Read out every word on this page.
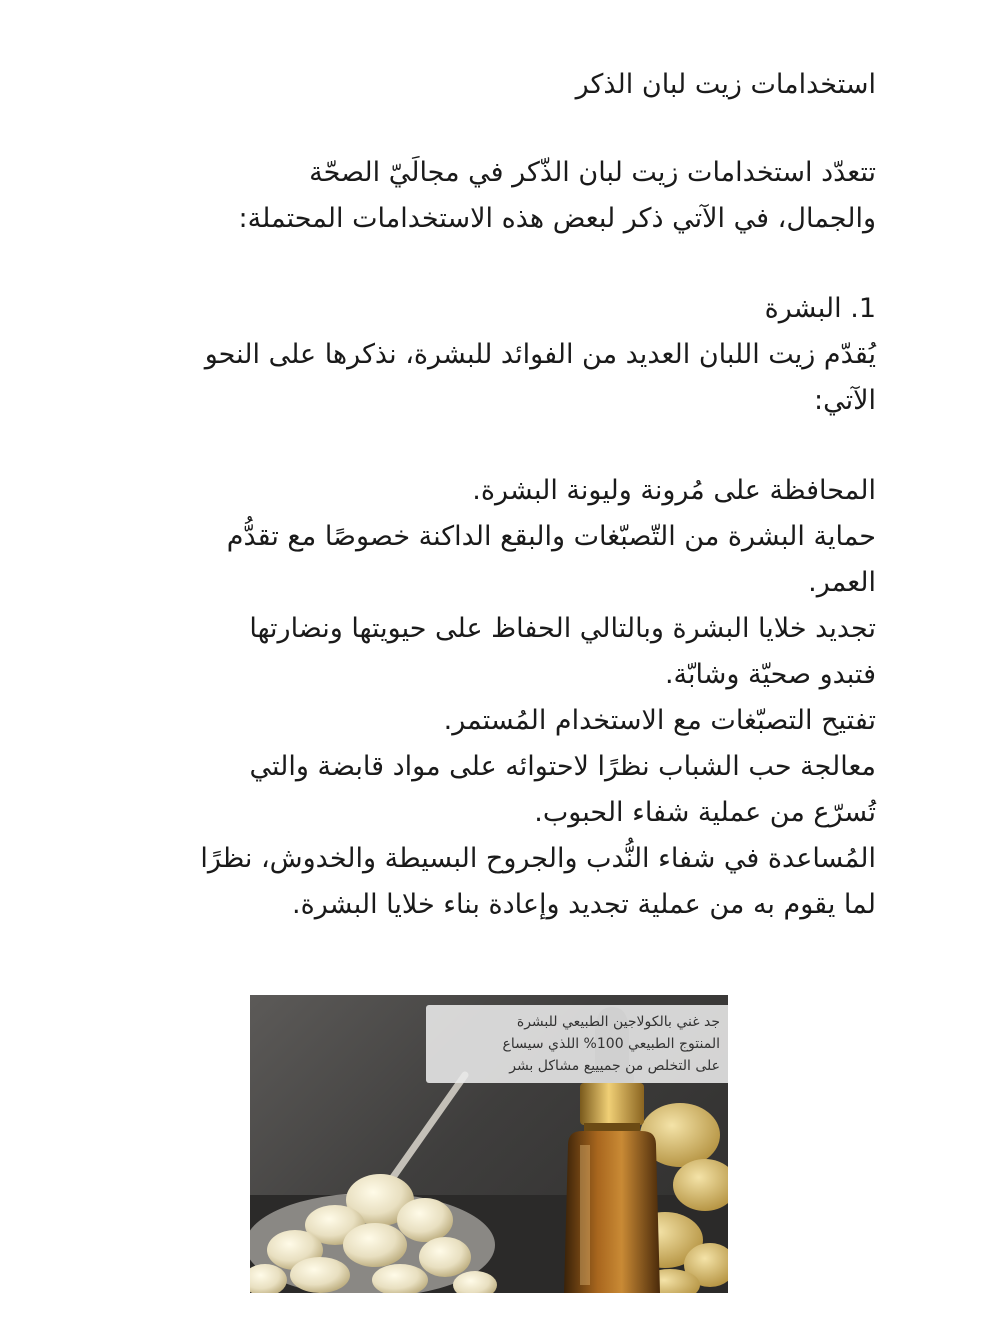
استخدامات زيت لبان الذكر

تتعدّد استخدامات زيت لبان الذّكر في مجالَيّ الصحّة

والجمال، في الآتي ذكر لبعض هذه الاستخدامات المحتملة:

1. البشرة

يُقدّم زيت اللبان العديد من الفوائد للبشرة، نذكرها على النحو

الآتي:

المحافظة على مُرونة وليونة البشرة.

حماية البشرة من التّصبّغات والبقع الداكنة خصوصًا مع تقدُّم

العمر.

تجديد خلايا البشرة وبالتالي الحفاظ على حيويتها ونضارتها

فتبدو صحيّة وشابّة.

تفتيح التصبّغات مع الاستخدام المُستمر.

معالجة حب الشباب نظرًا لاحتوائه على مواد قابضة والتي

تُسرّع من عملية شفاء الحبوب.

المُساعدة في شفاء النُّدب والجروح البسيطة والخدوش، نظرًا

لما يقوم به من عملية تجديد وإعادة بناء خلايا البشرة.

جد غني بالكولاجين الطبيعي للبشرة
المنتوج الطبيعي 100% اللذي سيساع
على التخلص من جميييع مشاكل بشر
